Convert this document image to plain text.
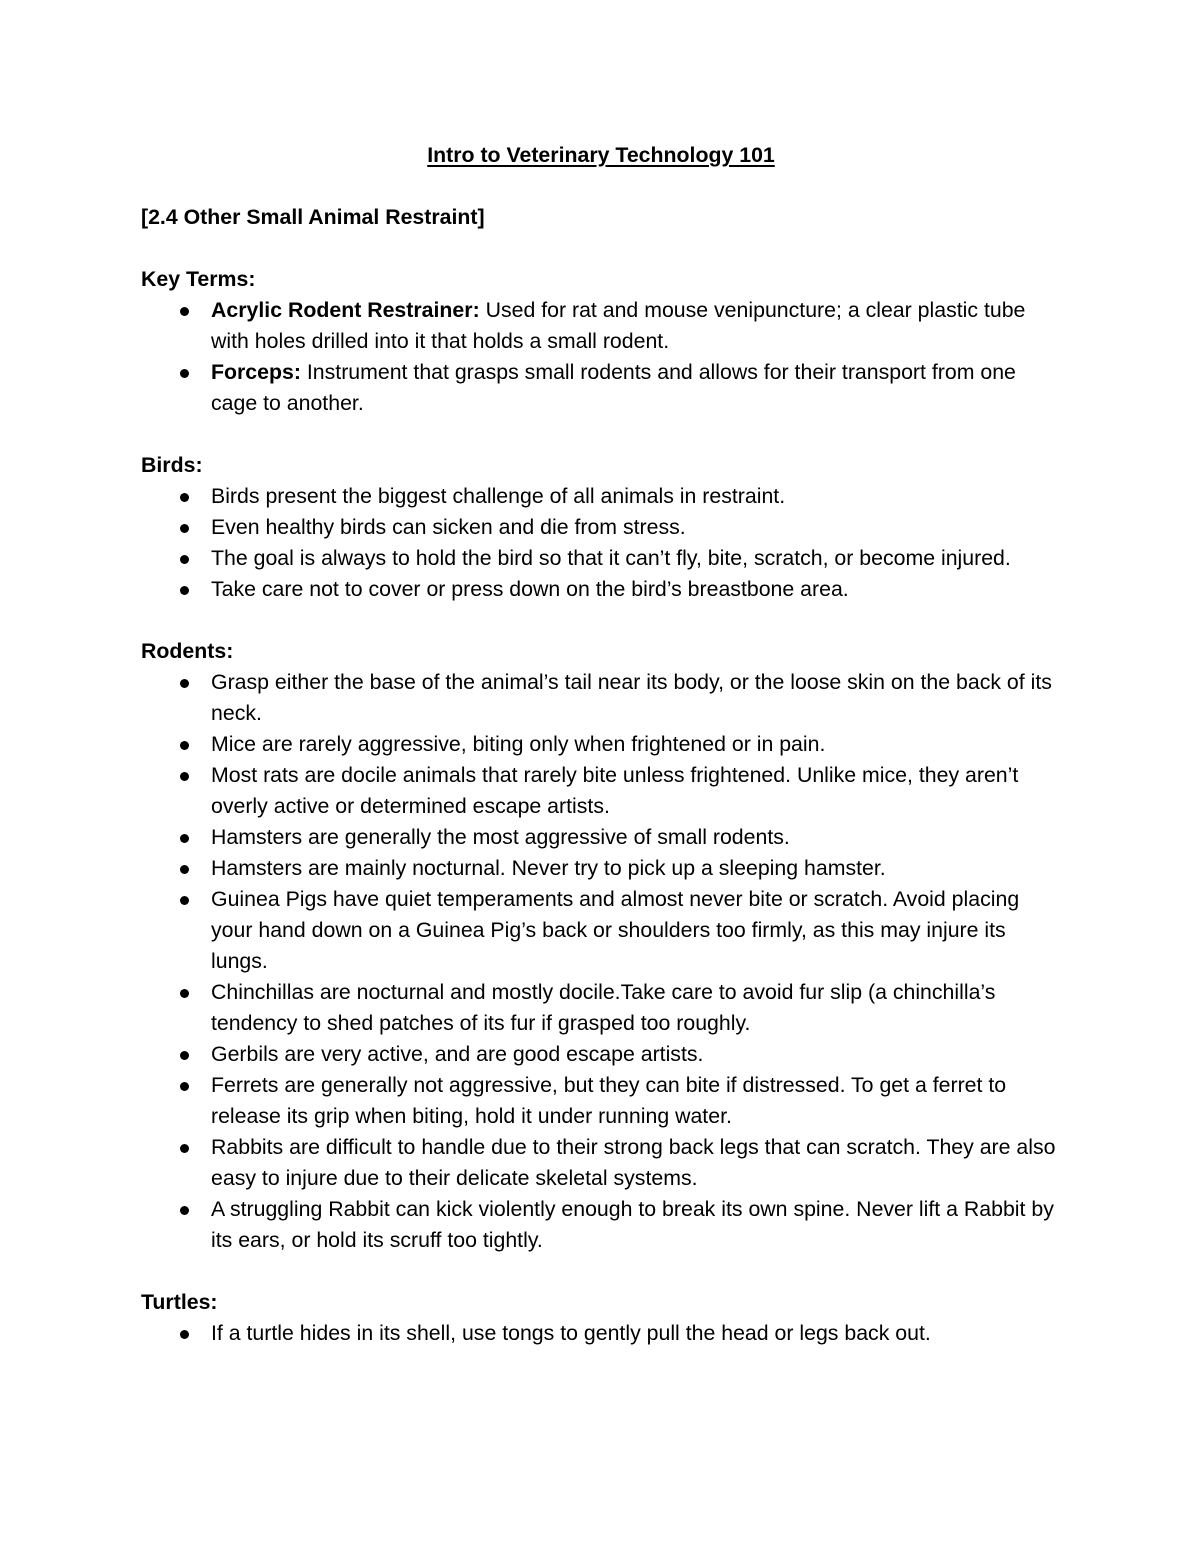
Intro to Veterinary Technology 101

[2.4 Other Small Animal Restraint]

Key Terms:

Acrylic Rodent Restrainer: Used for rat and mouse venipuncture; a clear plastic tube with holes drilled into it that holds a small rodent.
Forceps: Instrument that grasps small rodents and allows for their transport from one cage to another.

Birds:

Birds present the biggest challenge of all animals in restraint.
Even healthy birds can sicken and die from stress.
The goal is always to hold the bird so that it can’t fly, bite, scratch, or become injured.
Take care not to cover or press down on the bird’s breastbone area.

Rodents:

Grasp either the base of the animal’s tail near its body, or the loose skin on the back of its neck.
Mice are rarely aggressive, biting only when frightened or in pain.
Most rats are docile animals that rarely bite unless frightened. Unlike mice, they aren’t overly active or determined escape artists.
Hamsters are generally the most aggressive of small rodents.
Hamsters are mainly nocturnal. Never try to pick up a sleeping hamster.
Guinea Pigs have quiet temperaments and almost never bite or scratch. Avoid placing your hand down on a Guinea Pig’s back or shoulders too firmly, as this may injure its lungs.
Chinchillas are nocturnal and mostly docile.Take care to avoid fur slip (a chinchilla’s tendency to shed patches of its fur if grasped too roughly.
Gerbils are very active, and are good escape artists.
Ferrets are generally not aggressive, but they can bite if distressed. To get a ferret to release its grip when biting, hold it under running water.
Rabbits are difficult to handle due to their strong back legs that can scratch. They are also easy to injure due to their delicate skeletal systems.
A struggling Rabbit can kick violently enough to break its own spine. Never lift a Rabbit by its ears, or hold its scruff too tightly.

Turtles:

If a turtle hides in its shell, use tongs to gently pull the head or legs back out.
